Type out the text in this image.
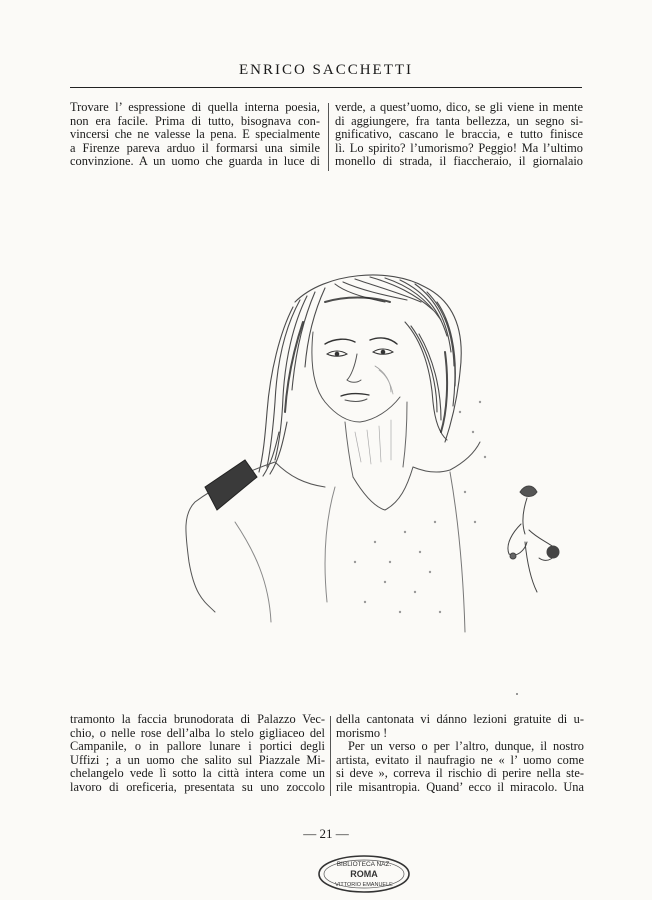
ENRICO SACCHETTI
Trovare l’ espressione di quella interna poesia,
non era facile. Prima di tutto, bisognava con-
vincersi che ne valesse la pena. E specialmente
a Firenze pareva arduo il formarsi una simile
convinzione. A un uomo che guarda in luce di
verde, a quest’uomo, dico, se gli viene in mente
di aggiungere, fra tanta bellezza, un segno si-
gnificativo, cascano le braccia, e tutto finisce
lì. Lo spirito? l’umorismo? Peggio! Ma l’ultimo
monello di strada, il fiaccheraio, il giornalaio
tramonto la faccia brunodorata di Palazzo Vec-
chio, o nelle rose dell’alba lo stelo gigliaceo del
Campanile, o in pallore lunare i portici degli
Uffizi ; a un uomo che salito sul Piazzale Mi-
chelangelo vede lì sotto la città intera come un
lavoro di oreficeria, presentata su uno zoccolo
della cantonata vi dánno lezioni gratuite di u-
morismo !
Per un verso o per l’altro, dunque, il nostro
artista, evitato il naufragio ne « l’ uomo come
si deve », correva il rischio di perire nella ste-
rile misantropia. Quand’ ecco il miracolo. Una
— 21 —
BIBLIOTECA NAZ.
ROMA
VITTORIO EMANUELE
